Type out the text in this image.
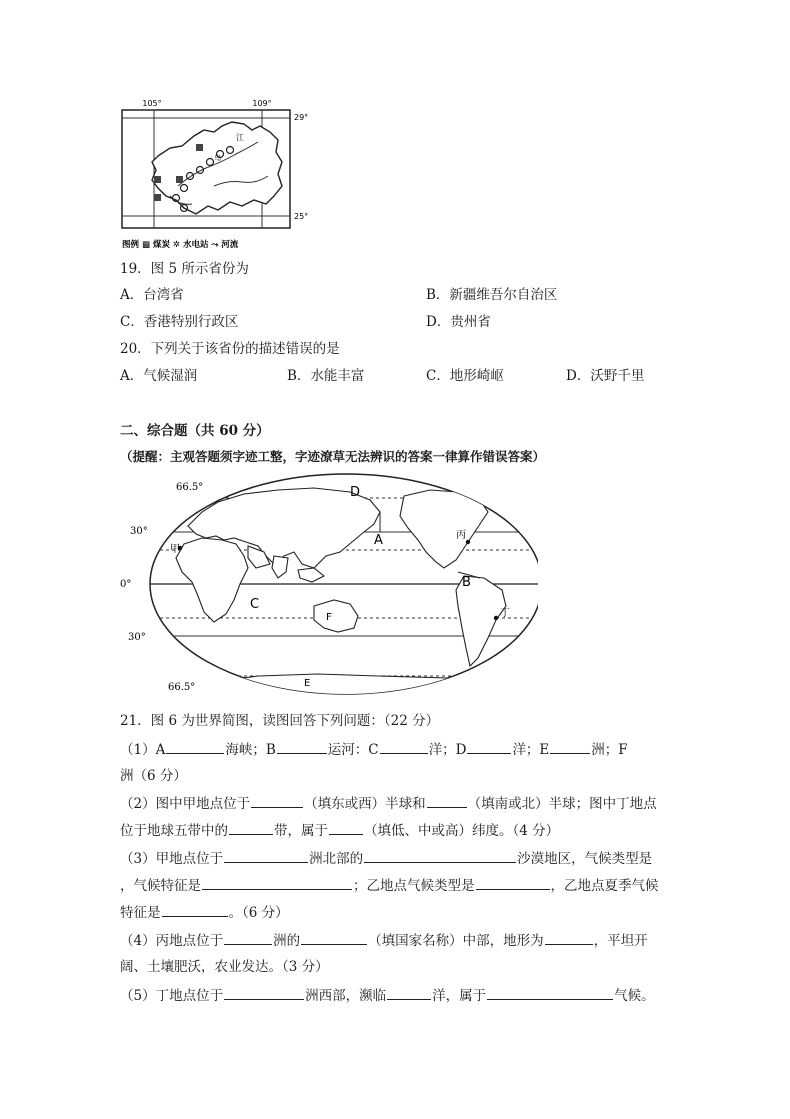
105°	109°
29°
25°
江
乌
图例 ▩ 煤炭 ✲ 水电站 ⤳ 河流
19．图 5 所示省份为
A．台湾省	B．新疆维吾尔自治区
C．香港特别行政区	D．贵州省
20．下列关于该省份的描述错误的是
A．气候湿润	B．水能丰富	C．地形崎岖	D．沃野千里
二、综合题（共 60 分）
（提醒：主观答题须字迹工整，字迹潦草无法辨识的答案一律算作错误答案）
66.5°
30°
0°
30°
66.5°
D
A
B
C
F
E
甲
丙
丁
21．图 6 为世界简图，读图回答下列问题：（22 分）
（1）A	海峡；B	运河：C	洋；D	洋；E	洲；F
洲（6 分）
（2）图中甲地点位于	（填东或西）半球和	（填南或北）半球；图中丁地点
位于地球五带中的	带，属于	（填低、中或高）纬度。（4 分）
（3）甲地点位于	洲北部的	沙漠地区，气候类型是
，气候特征是	；乙地点气候类型是	，乙地点夏季气候
特征是	。（6 分）
（4）丙地点位于	洲的	（填国家名称）中部，地形为	，平坦开
阔、土壤肥沃，农业发达。（3 分）
（5）丁地点位于	洲西部，濒临	洋，属于	气候。
